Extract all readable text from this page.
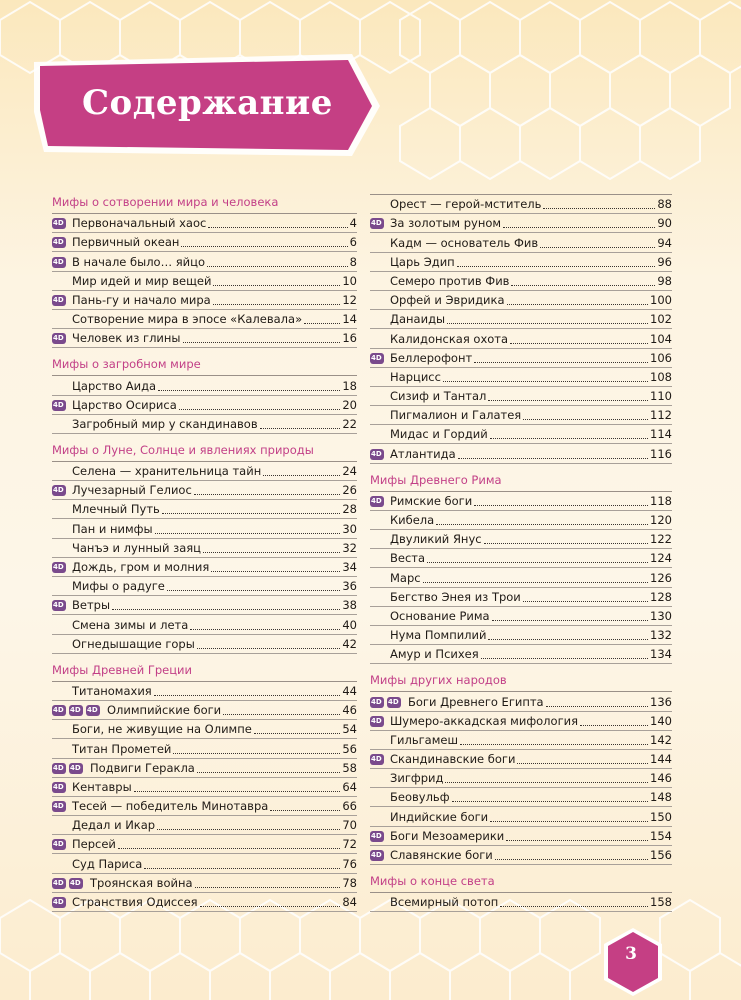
Содержание
Мифы о сотворении мира и человека
4D
Первоначальный хаос	4
4D
Первичный океан	6
4D
В начале было… яйцо	8
Мир идей и мир вещей	10
4D
Пань-гу и начало мира	12
Сотворение мира в эпосе «Калевала»	14
4D
Человек из глины	16
Мифы о загробном мире
Царство Аида	18
4D
Царство Осириса	20
Загробный мир у скандинавов	22
Мифы о Луне, Солнце и явлениях природы
Селена — хранительница тайн	24
4D
Лучезарный Гелиос	26
Млечный Путь	28
Пан и нимфы	30
Чанъэ и лунный заяц	32
4D
Дождь, гром и молния	34
Мифы о радуге	36
4D
Ветры	38
Смена зимы и лета	40
Огнедышащие горы	42
Мифы Древней Греции
Титаномахия	44
4D
4D
4D
Олимпийские боги	46
Боги, не живущие на Олимпе	54
Титан Прометей	56
4D
4D
Подвиги Геракла	58
4D
Кентавры	64
4D
Тесей — победитель Минотавра	66
Дедал и Икар	70
4D
Персей	72
Суд Париса	76
4D
4D
Троянская война	78
4D
Странствия Одиссея	84
Орест — герой-мститель	88
4D
За золотым руном	90
Кадм — основатель Фив	94
Царь Эдип	96
Семеро против Фив	98
Орфей и Эвридика	100
Данаиды	102
Калидонская охота	104
4D
Беллерофонт	106
Нарцисс	108
Сизиф и Тантал	110
Пигмалион и Галатея	112
Мидас и Гордий	114
4D
Атлантида	116
Мифы Древнего Рима
4D
Римские боги	118
Кибела	120
Двуликий Янус	122
Веста	124
Марс	126
Бегство Энея из Трои	128
Основание Рима	130
Нума Помпилий	132
Амур и Психея	134
Мифы других народов
4D
4D
Боги Древнего Египта	136
4D
Шумеро-аккадская мифология	140
Гильгамеш	142
4D
Скандинавские боги	144
Зигфрид	146
Беовульф	148
Индийские боги	150
4D
Боги Мезоамерики	154
4D
Славянские боги	156
Мифы о конце света
Всемирный потоп	158
3
